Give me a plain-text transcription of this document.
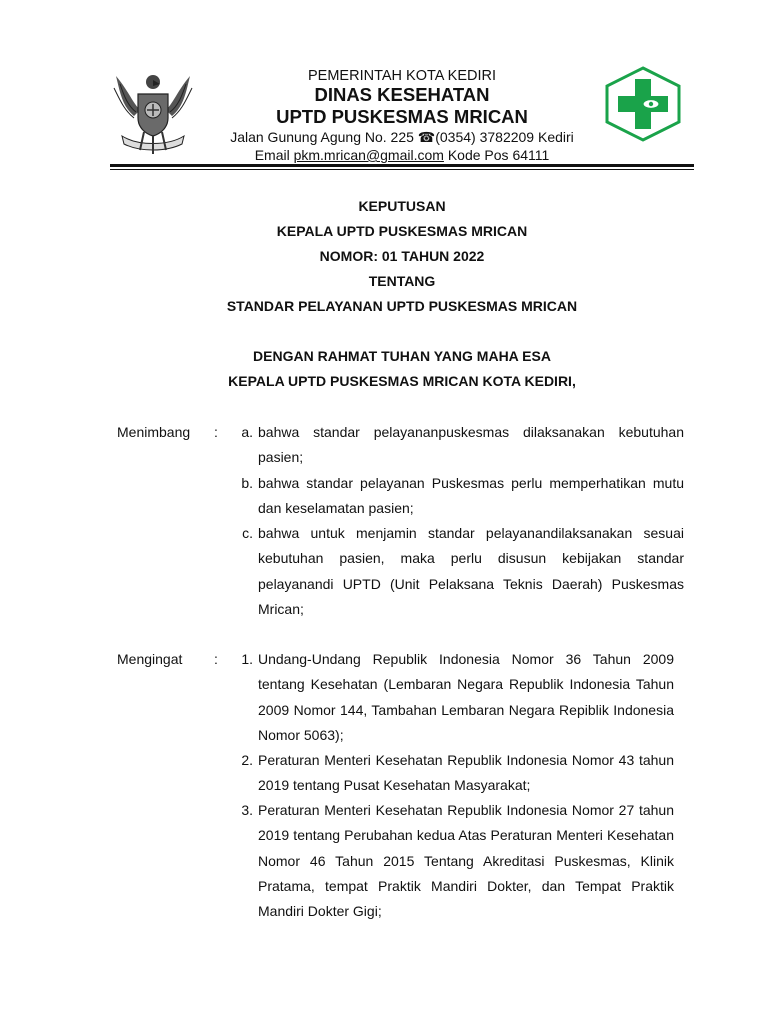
PEMERINTAH KOTA KEDIRI
DINAS KESEHATAN
UPTD PUSKESMAS MRICAN
Jalan Gunung Agung No. 225 ☎(0354) 3782209 Kediri
Email pkm.mrican@gmail.com Kode Pos 64111
KEPUTUSAN
KEPALA UPTD PUSKESMAS MRICAN
NOMOR: 01 TAHUN 2022
TENTANG
STANDAR PELAYANAN UPTD PUSKESMAS MRICAN
DENGAN RAHMAT TUHAN YANG MAHA ESA
KEPALA UPTD PUSKESMAS MRICAN KOTA KEDIRI,
Menimbang :	a. bahwa standar pelayananpuskesmas dilaksanakan kebutuhan pasien;
b. bahwa standar pelayanan Puskesmas perlu memperhatikan mutu dan keselamatan pasien;
c. bahwa untuk menjamin standar pelayanandilaksanakan sesuai kebutuhan pasien, maka perlu disusun kebijakan standar pelayanandi UPTD (Unit Pelaksana Teknis Daerah) Puskesmas Mrican;
Mengingat :	1. Undang-Undang Republik Indonesia Nomor 36 Tahun 2009 tentang Kesehatan (Lembaran Negara Republik Indonesia Tahun 2009 Nomor 144, Tambahan Lembaran Negara Repiblik Indonesia Nomor 5063);
2. Peraturan Menteri Kesehatan Republik Indonesia Nomor 43 tahun 2019 tentang Pusat Kesehatan Masyarakat;
3. Peraturan Menteri Kesehatan Republik Indonesia Nomor 27 tahun 2019 tentang Perubahan kedua Atas Peraturan Menteri Kesehatan Nomor 46 Tahun 2015 Tentang Akreditasi Puskesmas, Klinik Pratama, tempat Praktik Mandiri Dokter, dan Tempat Praktik Mandiri Dokter Gigi;
